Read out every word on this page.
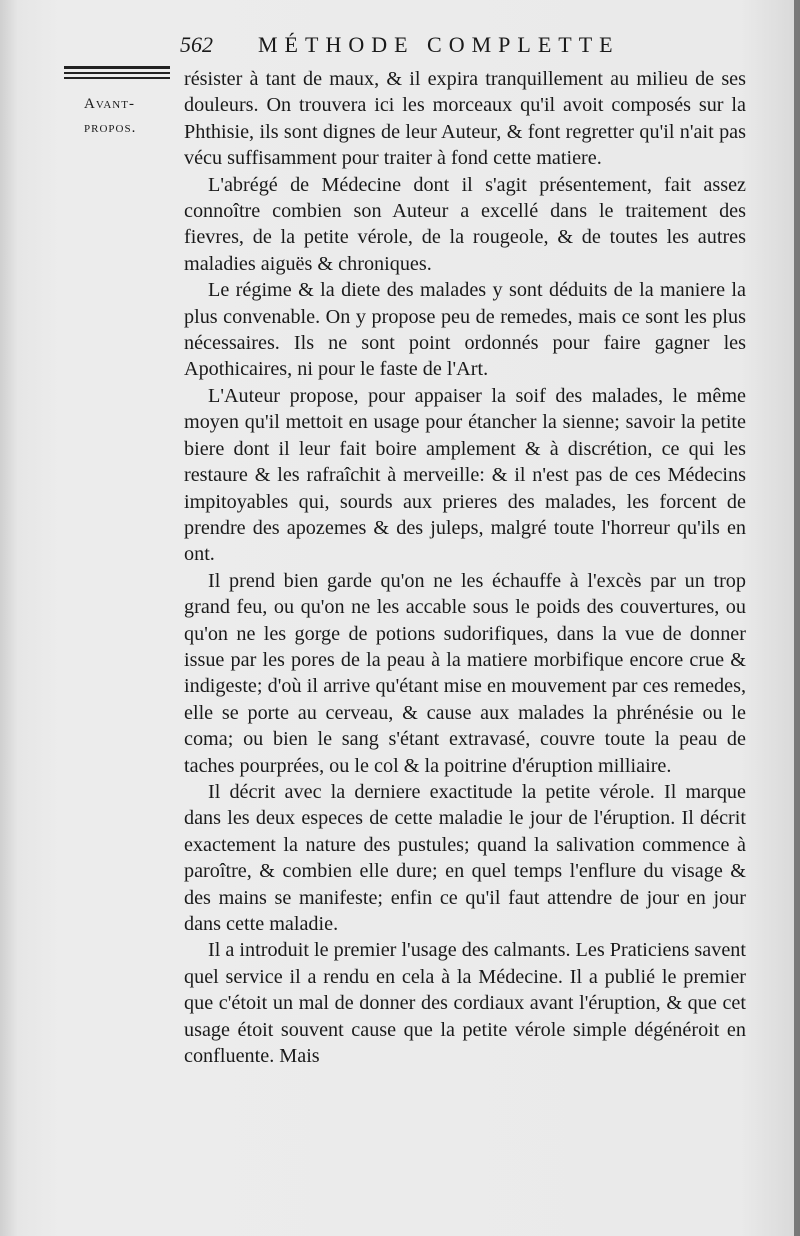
562 MÉTHODE COMPLETTE
Avant-
propos.

résister à tant de maux, & il expira tranquillement au milieu de ses douleurs. On trouvera ici les morceaux qu'il avoit composés sur la Phthisie, ils sont dignes de leur Auteur, & font regretter qu'il n'ait pas vécu suffisamment pour traiter à fond cette matiere.

L'abrégé de Médecine dont il s'agit présentement, fait assez connoître combien son Auteur a excellé dans le traitement des fievres, de la petite vérole, de la rougeole, & de toutes les autres maladies aiguës & chroniques.

Le régime & la diete des malades y sont déduits de la maniere la plus convenable. On y propose peu de remedes, mais ce sont les plus nécessaires. Ils ne sont point ordonnés pour faire gagner les Apothicaires, ni pour le faste de l'Art.

L'Auteur propose, pour appaiser la soif des malades, le même moyen qu'il mettoit en usage pour étancher la sienne; savoir la petite biere dont il leur fait boire amplement & à discrétion, ce qui les restaure & les rafraîchit à merveille: & il n'est pas de ces Médecins impitoyables qui, sourds aux prieres des malades, les forcent de prendre des apozemes & des juleps, malgré toute l'horreur qu'ils en ont.

Il prend bien garde qu'on ne les échauffe à l'excès par un trop grand feu, ou qu'on ne les accable sous le poids des couvertures, ou qu'on ne les gorge de potions sudorifiques, dans la vue de donner issue par les pores de la peau à la matiere morbifique encore crue & indigeste; d'où il arrive qu'étant mise en mouvement par ces remedes, elle se porte au cerveau, & cause aux malades la phrénésie ou le coma; ou bien le sang s'étant extravasé, couvre toute la peau de taches pourprées, ou le col & la poitrine d'éruption milliaire.

Il décrit avec la derniere exactitude la petite vérole. Il marque dans les deux especes de cette maladie le jour de l'éruption. Il décrit exactement la nature des pustules; quand la salivation commence à paroître, & combien elle dure; en quel temps l'enflure du visage & des mains se manifeste; enfin ce qu'il faut attendre de jour en jour dans cette maladie.

Il a introduit le premier l'usage des calmants. Les Praticiens savent quel service il a rendu en cela à la Médecine. Il a publié le premier que c'étoit un mal de donner des cordiaux avant l'éruption, & que cet usage étoit souvent cause que la petite vérole simple dégénéroit en confluente. Mais
